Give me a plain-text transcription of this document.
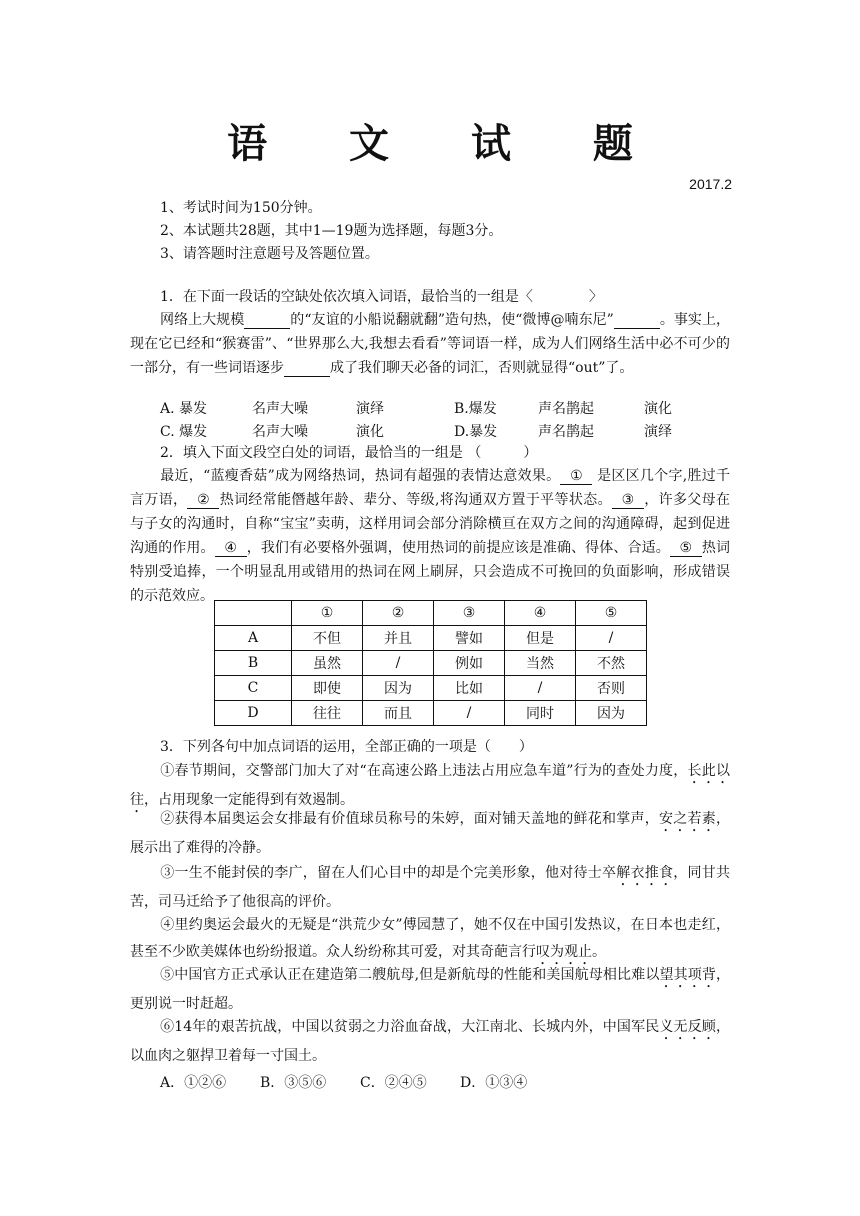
语 文 试 题
2017.2
1、考试时间为150分钟。
2、本试题共28题，其中1—19题为选择题，每题3分。
3、请答题时注意题号及答题位置。
1．在下面一段话的空缺处依次填入词语，最恰当的一组是〈　　　　〉
网络上大规模	的“友谊的小船说翻就翻”造句热，使“微博@喃东尼”	。事实上，现在它已经和“猴赛雷”、“世界那么大,我想去看看”等词语一样，成为人们网络生活中必不可少的一部分，有一些词语逐步	成了我们聊天必备的词汇，否则就显得“out”了。
A. 暴发	名声大噪	演绎	B.爆发	声名鹊起	演化
C. 爆发	名声大噪	演化	D.暴发	声名鹊起	演绎
2．填入下面文段空白处的词语，最恰当的一组是 （　　　）
最近，“蓝瘦香菇”成为网络热词，热词有超强的表情达意效果。 ① 是区区几个字,胜过千言万语， ② 热词经常能僭越年龄、辈分、等级,将沟通双方置于平等状态。 ③ ，许多父母在与子女的沟通时，自称“宝宝”卖萌，这样用词会部分消除横亘在双方之间的沟通障碍，起到促进沟通的作用。 ④ ，我们有必要格外强调，使用热词的前提应该是准确、得体、合适。 ⑤ 热词特别受追捧，一个明显乱用或错用的热词在网上刷屏，只会造成不可挽回的负面影响，形成错误的示范效应。
	①	②	③	④	⑤
A	不但	并且	譬如	但是	/
B	虽然	/	例如	当然	不然
C	即使	因为	比如	/	否则
D	往往	而且	/	同时	因为
3．下列各句中加点词语的运用，全部正确的一项是（　　）
①春节期间，交警部门加大了对“在高速公路上违法占用应急车道”行为的查处力度，长此以往，占用现象一定能得到有效遏制。
②获得本届奥运会女排最有价值球员称号的朱婷，面对铺天盖地的鲜花和掌声，安之若素，展示出了难得的冷静。
③一生不能封侯的李广，留在人们心目中的却是个完美形象，他对待士卒解衣推食，同甘共苦，司马迁给予了他很高的评价。
④里约奥运会最火的无疑是“洪荒少女”傅园慧了，她不仅在中国引发热议，在日本也走红，甚至不少欧美媒体也纷纷报道。众人纷纷称其可爱，对其奇葩言行叹为观止。
⑤中国官方正式承认正在建造第二艘航母,但是新航母的性能和美国航母相比难以望其项背，更别说一时赶超。
⑥14年的艰苦抗战，中国以贫弱之力浴血奋战，大江南北、长城内外，中国军民义无反顾，以血肉之躯捍卫着每一寸国土。
A．①②⑥ B．③⑤⑥ C．②④⑤ D．①③④
